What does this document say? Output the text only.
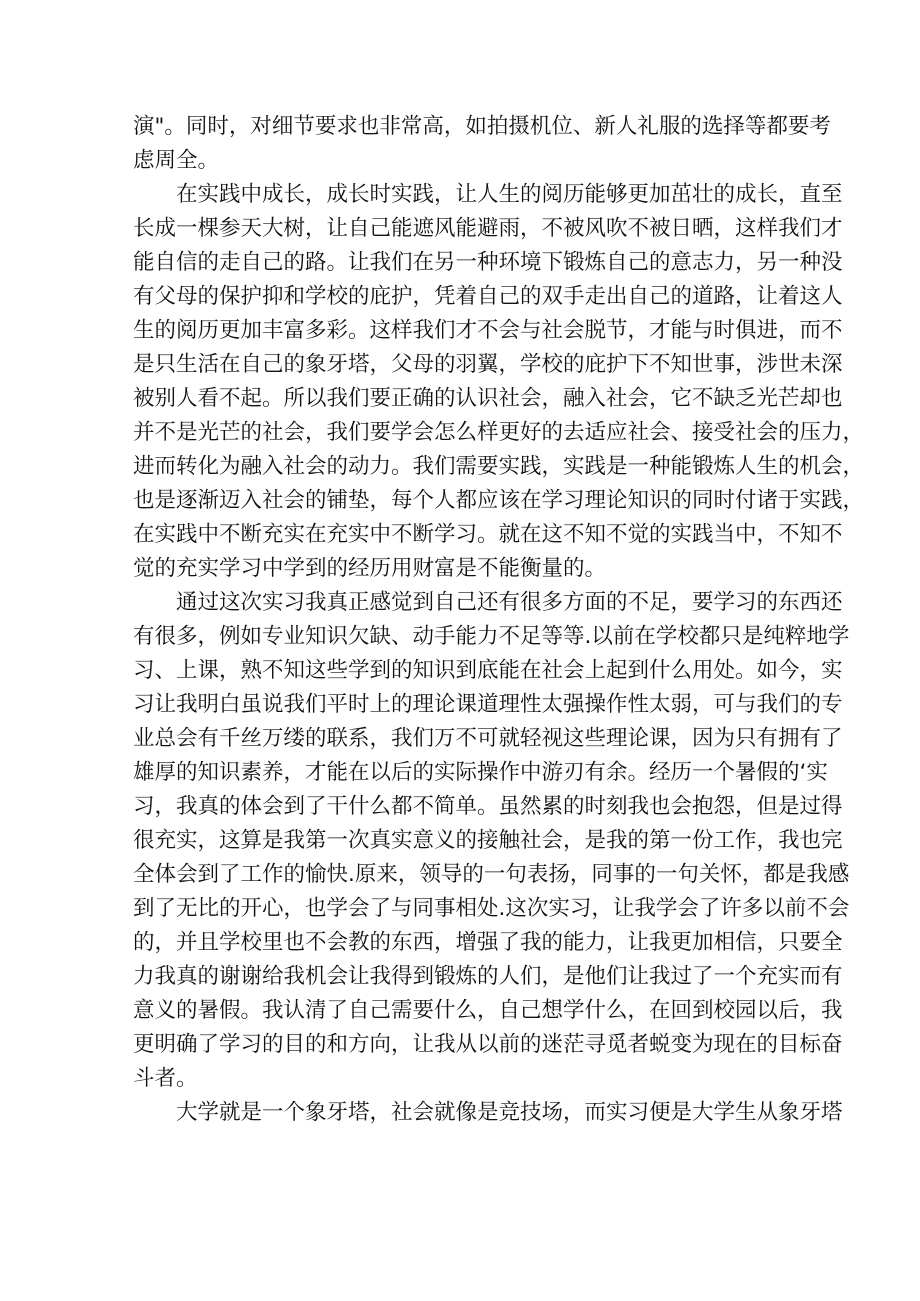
演"。同时，对细节要求也非常高，如拍摄机位、新人礼服的选择等都要考
虑周全。
在实践中成长，成长时实践，让人生的阅历能够更加茁壮的成长，直至
长成一棵参天大树，让自己能遮风能避雨，不被风吹不被日晒，这样我们才
能自信的走自己的路。让我们在另一种环境下锻炼自己的意志力，另一种没
有父母的保护抑和学校的庇护，凭着自己的双手走出自己的道路，让着这人
生的阅历更加丰富多彩。这样我们才不会与社会脱节，才能与时俱进，而不
是只生活在自己的象牙塔，父母的羽翼，学校的庇护下不知世事，涉世未深
被别人看不起。所以我们要正确的认识社会，融入社会，它不缺乏光芒却也
并不是光芒的社会，我们要学会怎么样更好的去适应社会、接受社会的压力，
进而转化为融入社会的动力。我们需要实践，实践是一种能锻炼人生的机会，
也是逐渐迈入社会的铺垫，每个人都应该在学习理论知识的同时付诸于实践，
在实践中不断充实在充实中不断学习。就在这不知不觉的实践当中，不知不
觉的充实学习中学到的经历用财富是不能衡量的。
通过这次实习我真正感觉到自己还有很多方面的不足，要学习的东西还
有很多，例如专业知识欠缺、动手能力不足等等.以前在学校都只是纯粹地学
习、上课，熟不知这些学到的知识到底能在社会上起到什么用处。如今，实
习让我明白虽说我们平时上的理论课道理性太强操作性太弱，可与我们的专
业总会有千丝万缕的联系，我们万不可就轻视这些理论课，因为只有拥有了
雄厚的知识素养，才能在以后的实际操作中游刃有余。经历一个暑假的‘实
习，我真的体会到了干什么都不简单。虽然累的时刻我也会抱怨，但是过得
很充实，这算是我第一次真实意义的接触社会，是我的第一份工作，我也完
全体会到了工作的愉快.原来，领导的一句表扬，同事的一句关怀，都是我感
到了无比的开心，也学会了与同事相处.这次实习，让我学会了许多以前不会
的，并且学校里也不会教的东西，增强了我的能力，让我更加相信，只要全
力我真的谢谢给我机会让我得到锻炼的人们，是他们让我过了一个充实而有
意义的暑假。我认清了自己需要什么，自己想学什么，在回到校园以后，我
更明确了学习的目的和方向，让我从以前的迷茫寻觅者蜕变为现在的目标奋
斗者。
大学就是一个象牙塔，社会就像是竞技场，而实习便是大学生从象牙塔
